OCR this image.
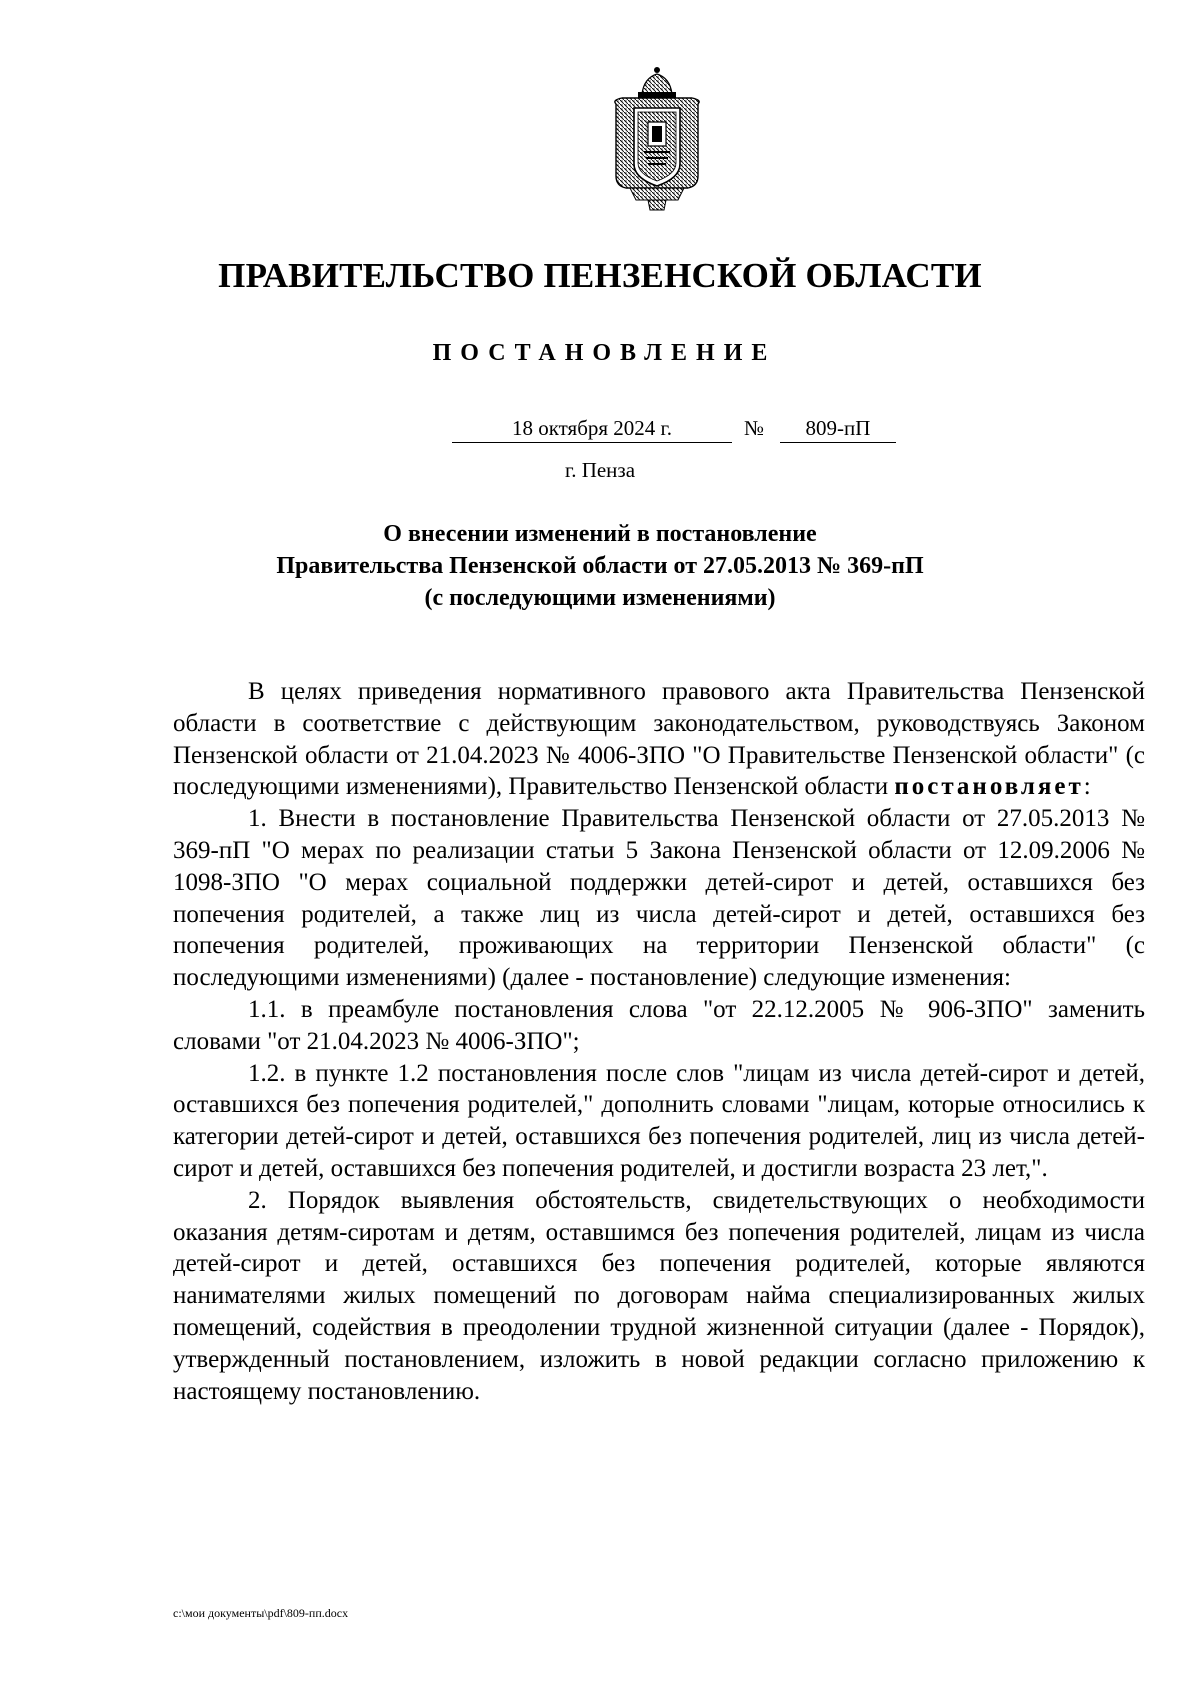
ПРАВИТЕЛЬСТВО ПЕНЗЕНСКОЙ ОБЛАСТИ
ПОСТАНОВЛЕНИЕ
18 октября 2024 г.	№	809-пП
г. Пенза
О внесении изменений в постановление
Правительства Пензенской области от 27.05.2013 № 369-пП
(с последующими изменениями)

В целях приведения нормативного правового акта Правительства Пензенской области в соответствие с действующим законодательством, руководствуясь Законом Пензенской области от 21.04.2023 № 4006-ЗПО "О Правительстве Пензенской области" (с последующими изменениями), Правительство Пензенской области постановляет:

1. Внести в постановление Правительства Пензенской области от 27.05.2013 № 369-пП "О мерах по реализации статьи 5 Закона Пензенской области от 12.09.2006 № 1098-ЗПО "О мерах социальной поддержки детей-сирот и детей, оставшихся без попечения родителей, а также лиц из числа детей-сирот и детей, оставшихся без попечения родителей, проживающих на территории Пензенской области" (с последующими изменениями) (далее - постановление) следующие изменения:

1.1. в преамбуле постановления слова "от 22.12.2005 № 906-ЗПО" заменить словами "от 21.04.2023 № 4006-ЗПО";

1.2. в пункте 1.2 постановления после слов "лицам из числа детей-сирот и детей, оставшихся без попечения родителей," дополнить словами "лицам, которые относились к категории детей-сирот и детей, оставшихся без попечения родителей, лиц из числа детей-сирот и детей, оставшихся без попечения родителей, и достигли возраста 23 лет,".

2. Порядок выявления обстоятельств, свидетельствующих о необходимости оказания детям-сиротам и детям, оставшимся без попечения родителей, лицам из числа детей-сирот и детей, оставшихся без попечения родителей, которые являются нанимателями жилых помещений по договорам найма специализированных жилых помещений, содействия в преодолении трудной жизненной ситуации (далее - Порядок), утвержденный постановлением, изложить в новой редакции согласно приложению к настоящему постановлению.

c:\мои документы\pdf\809-пп.docx
